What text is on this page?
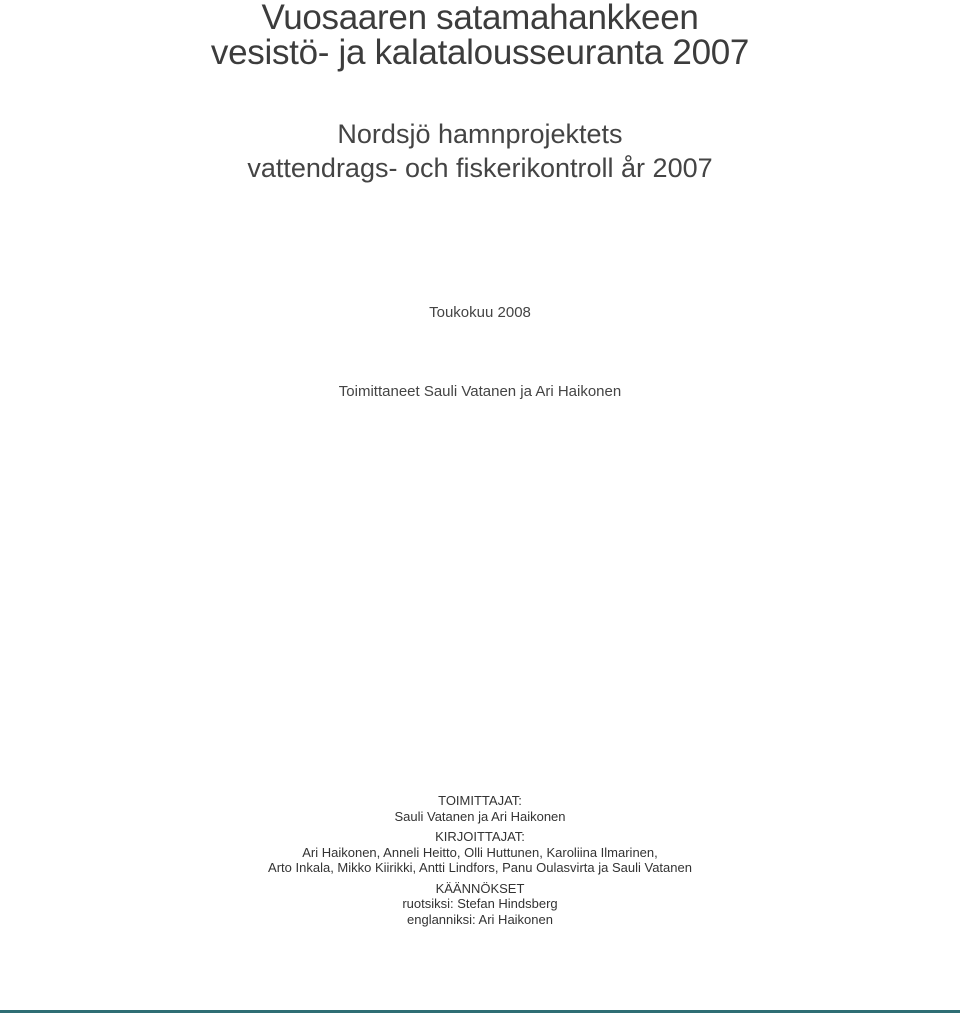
Vuosaaren satamahankkeen
vesistö- ja kalatalousseuranta 2007
Nordsjö hamnprojektets
vattendrags- och fiskerikontroll år 2007
Toukokuu 2008
Toimittaneet Sauli Vatanen ja Ari Haikonen
TOIMITTAJAT:
Sauli Vatanen ja Ari Haikonen
KIRJOITTAJAT:
Ari Haikonen, Anneli Heitto, Olli Huttunen, Karoliina Ilmarinen,
Arto Inkala, Mikko Kiirikki, Antti Lindfors, Panu Oulasvirta ja Sauli Vatanen
KÄÄNNÖKSET
ruotsiksi: Stefan Hindsberg
englanniksi: Ari Haikonen
